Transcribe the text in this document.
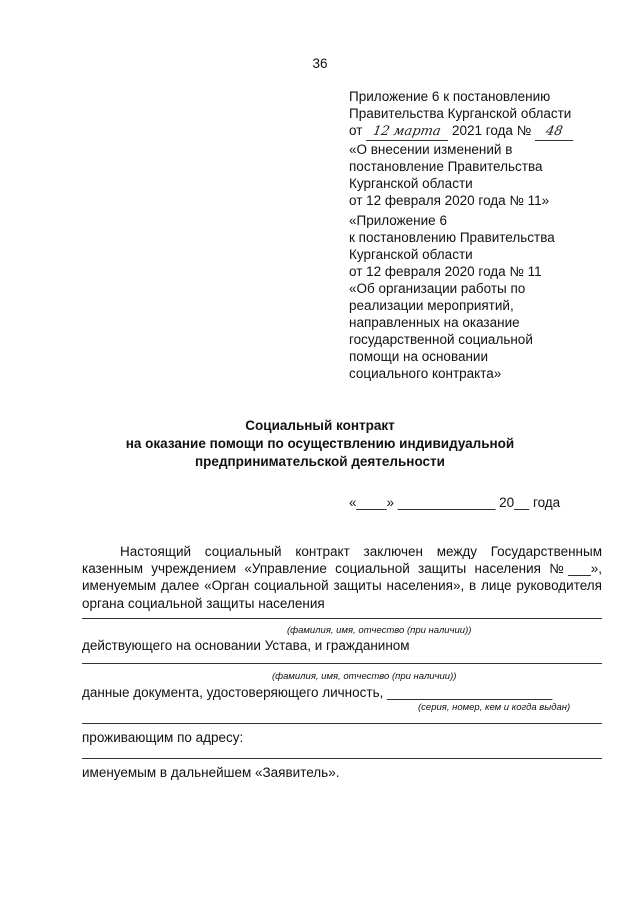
36
Приложение 6 к постановлению
Правительства Курганской области
от 12 марта 2021 года № 48
«О внесении изменений в
постановление Правительства
Курганской области
от 12 февраля 2020 года № 11»
«Приложение 6
к постановлению Правительства
Курганской области
от 12 февраля 2020 года № 11
«Об организации работы по
реализации мероприятий,
направленных на оказание
государственной социальной
помощи на основании
социального контракта»
Социальный контракт
на оказание помощи по осуществлению индивидуальной
предпринимательской деятельности
«____» _____________ 20__ года
Настоящий социальный контракт заключен между Государственным
казенным учреждением «Управление социальной защиты населения №___»,
именуемым далее «Орган социальной защиты населения», в лице руководителя
органа социальной защиты населения
(фамилия, имя, отчество (при наличии))
действующего на основании Устава, и гражданином
(фамилия, имя, отчество (при наличии))
данные документа, удостоверяющего личность, ______________________
(серия, номер, кем и когда выдан)
проживающим по адресу:
именуемым в дальнейшем «Заявитель».
